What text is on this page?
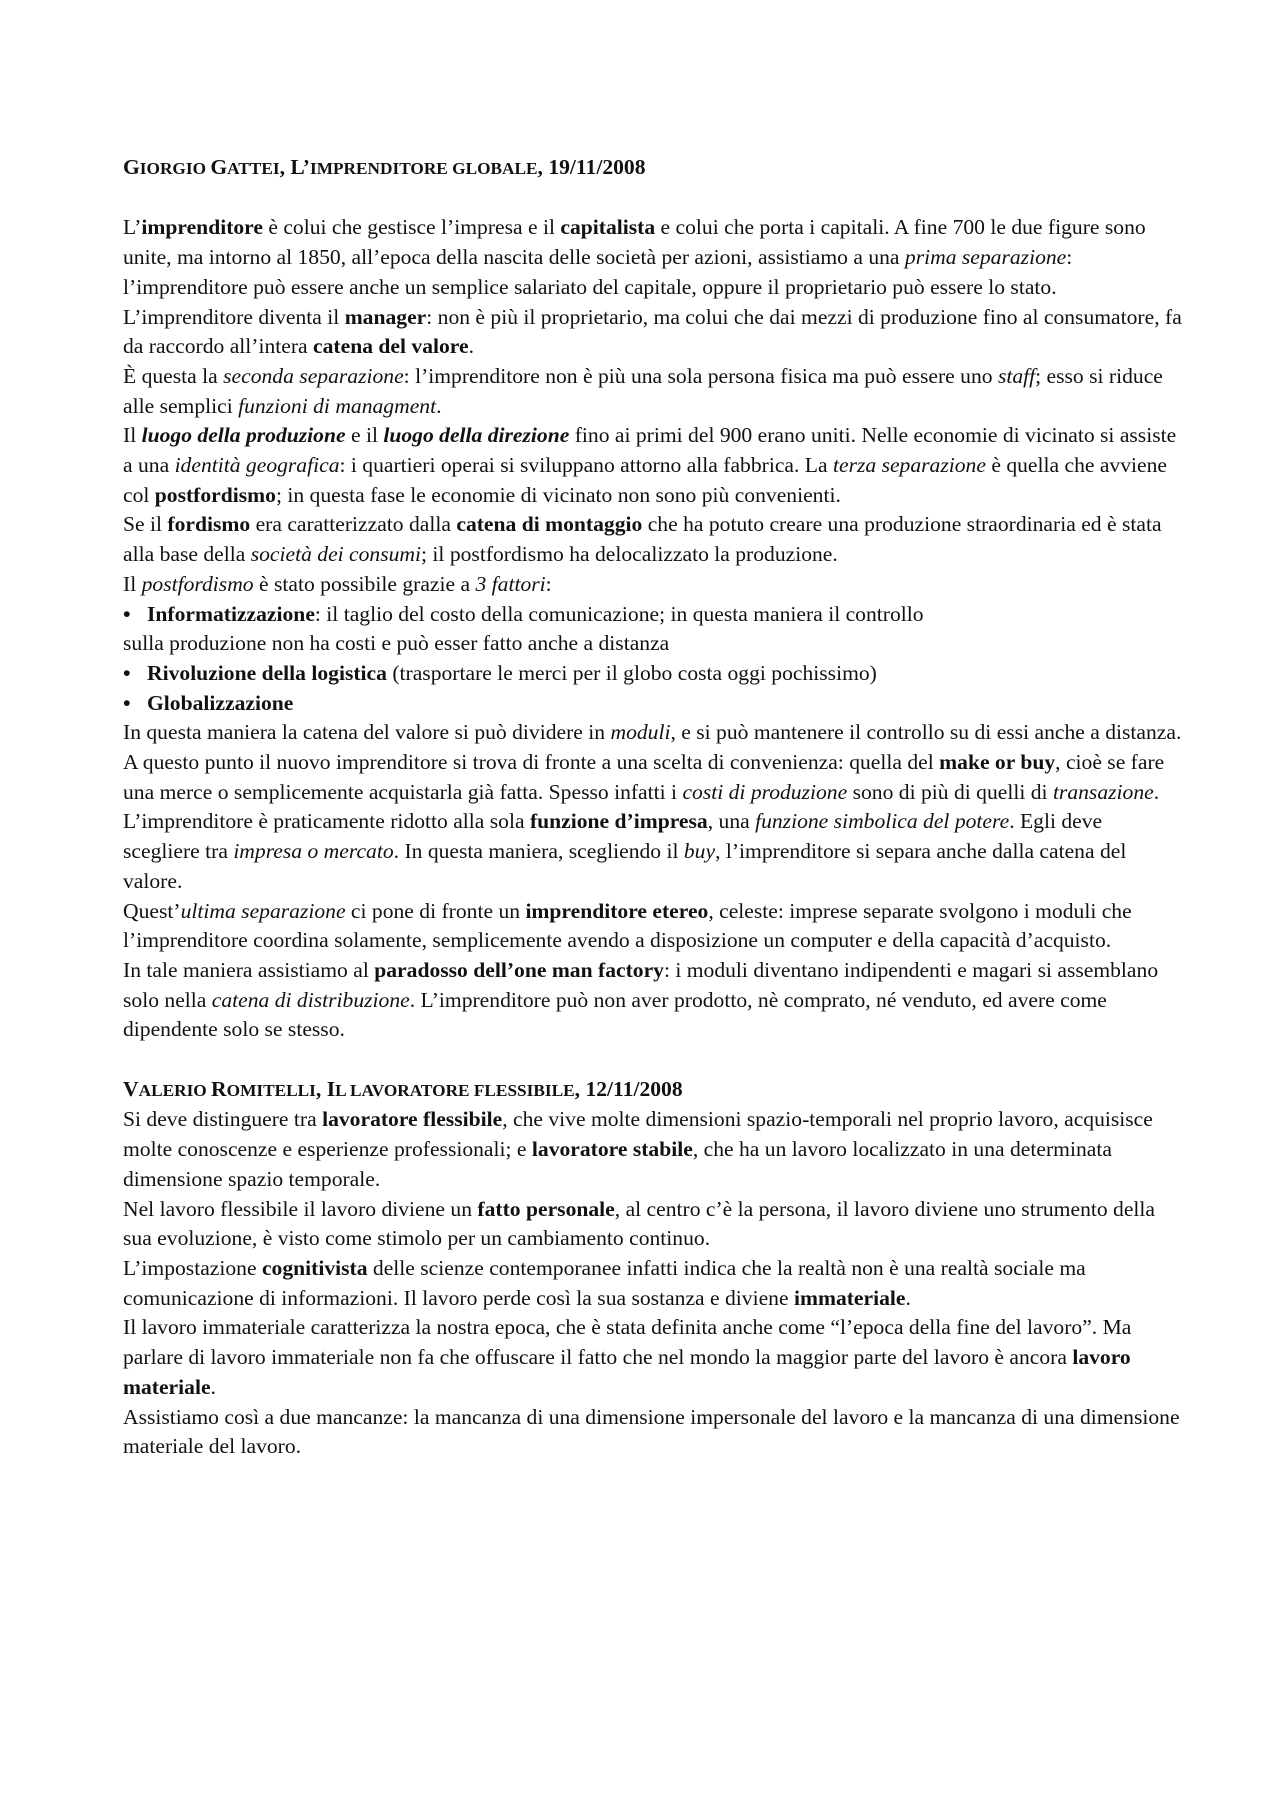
GIORGIO GATTEI, L’IMPRENDITORE GLOBALE, 19/11/2008

L’imprenditore è colui che gestisce l’impresa e il capitalista e colui che porta i capitali. A fine 700 le due figure sono unite, ma intorno al 1850, all’epoca della nascita delle società per azioni, assistiamo a una prima separazione: l’imprenditore può essere anche un semplice salariato del capitale, oppure il proprietario può essere lo stato.

L’imprenditore diventa il manager: non è più il proprietario, ma colui che dai mezzi di produzione fino al consumatore, fa da raccordo all’intera catena del valore.

È questa la seconda separazione: l’imprenditore non è più una sola persona fisica ma può essere uno staff; esso si riduce alle semplici funzioni di managment.

Il luogo della produzione e il luogo della direzione fino ai primi del 900 erano uniti. Nelle economie di vicinato si assiste a una identità geografica: i quartieri operai si sviluppano attorno alla fabbrica. La terza separazione è quella che avviene col postfordismo; in questa fase le economie di vicinato non sono più convenienti.

Se il fordismo era caratterizzato dalla catena di montaggio che ha potuto creare una produzione straordinaria ed è stata alla base della società dei consumi; il postfordismo ha delocalizzato la produzione.

Il postfordismo è stato possibile grazie a 3 fattori:

• Informatizzazione: il taglio del costo della comunicazione; in questa maniera il controllo
sulla produzione non ha costi e può esser fatto anche a distanza

• Rivoluzione della logistica (trasportare le merci per il globo costa oggi pochissimo)

• Globalizzazione

In questa maniera la catena del valore si può dividere in moduli, e si può mantenere il controllo su di essi anche a distanza.

A questo punto il nuovo imprenditore si trova di fronte a una scelta di convenienza: quella del make or buy, cioè se fare una merce o semplicemente acquistarla già fatta. Spesso infatti i costi di produzione sono di più di quelli di transazione.

L’imprenditore è praticamente ridotto alla sola funzione d’impresa, una funzione simbolica del potere. Egli deve scegliere tra impresa o mercato. In questa maniera, scegliendo il buy, l’imprenditore si separa anche dalla catena del valore.

Quest’ultima separazione ci pone di fronte un imprenditore etereo, celeste: imprese separate svolgono i moduli che l’imprenditore coordina solamente, semplicemente avendo a disposizione un computer e della capacità d’acquisto.

In tale maniera assistiamo al paradosso dell’one man factory: i moduli diventano indipendenti e magari si assemblano solo nella catena di distribuzione. L’imprenditore può non aver prodotto, nè comprato, né venduto, ed avere come dipendente solo se stesso.

VALERIO ROMITELLI, IL LAVORATORE FLESSIBILE, 12/11/2008

Si deve distinguere tra lavoratore flessibile, che vive molte dimensioni spazio-temporali nel proprio lavoro, acquisisce molte conoscenze e esperienze professionali; e lavoratore stabile, che ha un lavoro localizzato in una determinata dimensione spazio temporale.

Nel lavoro flessibile il lavoro diviene un fatto personale, al centro c’è la persona, il lavoro diviene uno strumento della sua evoluzione, è visto come stimolo per un cambiamento continuo.

L’impostazione cognitivista delle scienze contemporanee infatti indica che la realtà non è una realtà sociale ma comunicazione di informazioni. Il lavoro perde così la sua sostanza e diviene immateriale.

Il lavoro immateriale caratterizza la nostra epoca, che è stata definita anche come “l’epoca della fine del lavoro”. Ma parlare di lavoro immateriale non fa che offuscare il fatto che nel mondo la maggior parte del lavoro è ancora lavoro materiale.

Assistiamo così a due mancanze: la mancanza di una dimensione impersonale del lavoro e la mancanza di una dimensione materiale del lavoro.
